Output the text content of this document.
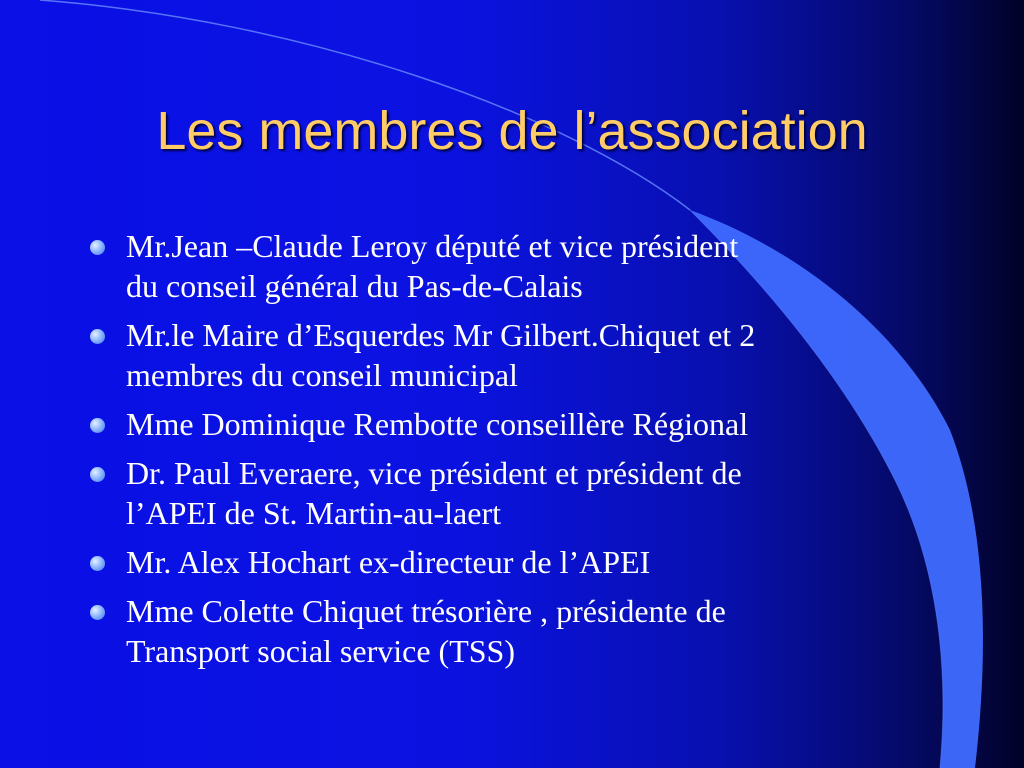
Les membres de l’association
Mr.Jean –Claude Leroy député et vice président
du conseil général du Pas-de-Calais
Mr.le Maire d’Esquerdes Mr Gilbert.Chiquet et 2
membres du conseil municipal
Mme Dominique Rembotte conseillère Régional
Dr. Paul Everaere, vice président et président de
l’APEI de St. Martin-au-laert
Mr. Alex Hochart ex-directeur de l’APEI
Mme Colette Chiquet trésorière , présidente de
Transport social service (TSS)
